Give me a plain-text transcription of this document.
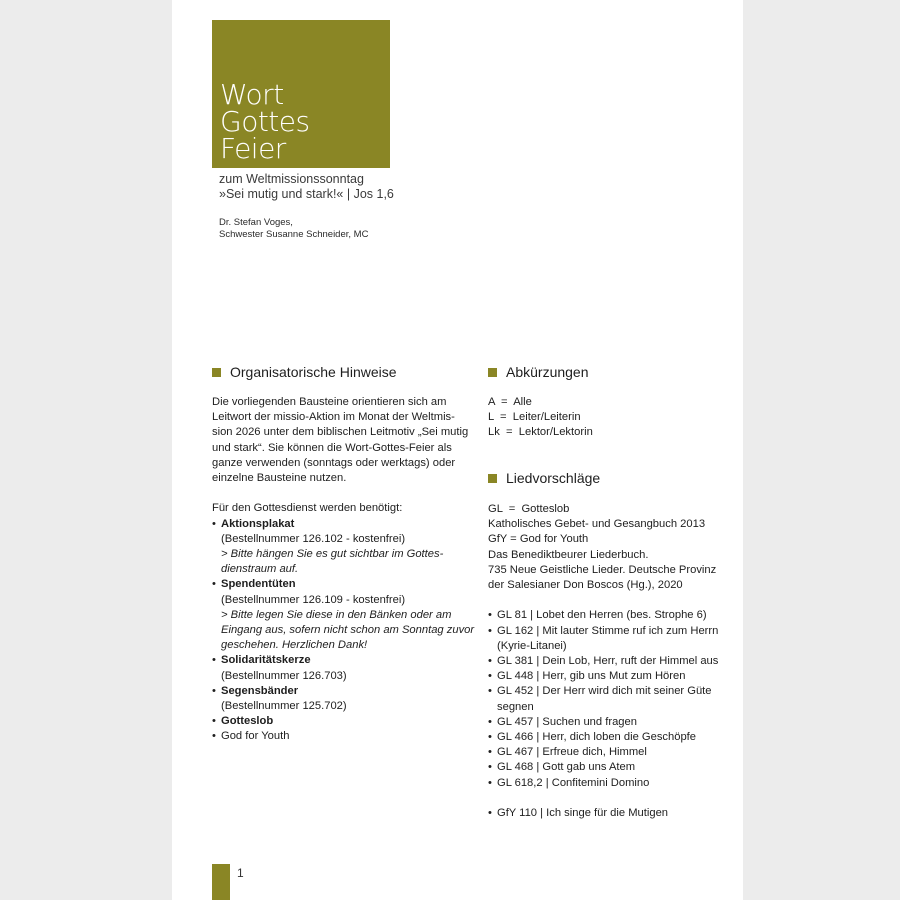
Wort
Gottes
Feier
zum Weltmissionssonntag
»Sei mutig und stark!« | Jos 1,6
Dr. Stefan Voges,
Schwester Susanne Schneider, MC
Organisatorische Hinweise

Die vorliegenden Bausteine orientieren sich am

Leitwort der missio-Aktion im Monat der Weltmis-

sion 2026 unter dem biblischen Leitmotiv „Sei mutig

und stark“. Sie können die Wort-Gottes-Feier als

ganze verwenden (sonntags oder werktags) oder

einzelne Bausteine nutzen.

Für den Gottesdienst werden benötigt:

• Aktionsplakat
(Bestellnummer 126.102 - kostenfrei)
> Bitte hängen Sie es gut sichtbar im Gottes-
dienstraum auf.
• Spendentüten
(Bestellnummer 126.109 - kostenfrei)
> Bitte legen Sie diese in den Bänken oder am
Eingang aus, sofern nicht schon am Sonntag zuvor
geschehen. Herzlichen Dank!
• Solidaritätskerze
(Bestellnummer 126.703)
• Segensbänder
(Bestellnummer 125.702)
• Gotteslob
• God for Youth
Abkürzungen
A  =  Alle
L  =  Leiter/Leiterin
Lk  =  Lektor/Lektorin
Liedvorschläge
GL  =  Gotteslob
Katholisches Gebet- und Gesangbuch 2013
GfY = God for Youth
Das Benediktbeurer Liederbuch.
735 Neue Geistliche Lieder. Deutsche Provinz
der Salesianer Don Boscos (Hg.), 2020
• GL 81 | Lobet den Herren (bes. Strophe 6)
• GL 162 | Mit lauter Stimme ruf ich zum Herrn
(Kyrie-Litanei)
• GL 381 | Dein Lob, Herr, ruft der Himmel aus
• GL 448 | Herr, gib uns Mut zum Hören
• GL 452 | Der Herr wird dich mit seiner Güte
segnen
• GL 457 | Suchen und fragen
• GL 466 | Herr, dich loben die Geschöpfe
• GL 467 | Erfreue dich, Himmel
• GL 468 | Gott gab uns Atem
• GL 618,2 | Confitemini Domino
• GfY 110 | Ich singe für die Mutigen
1
